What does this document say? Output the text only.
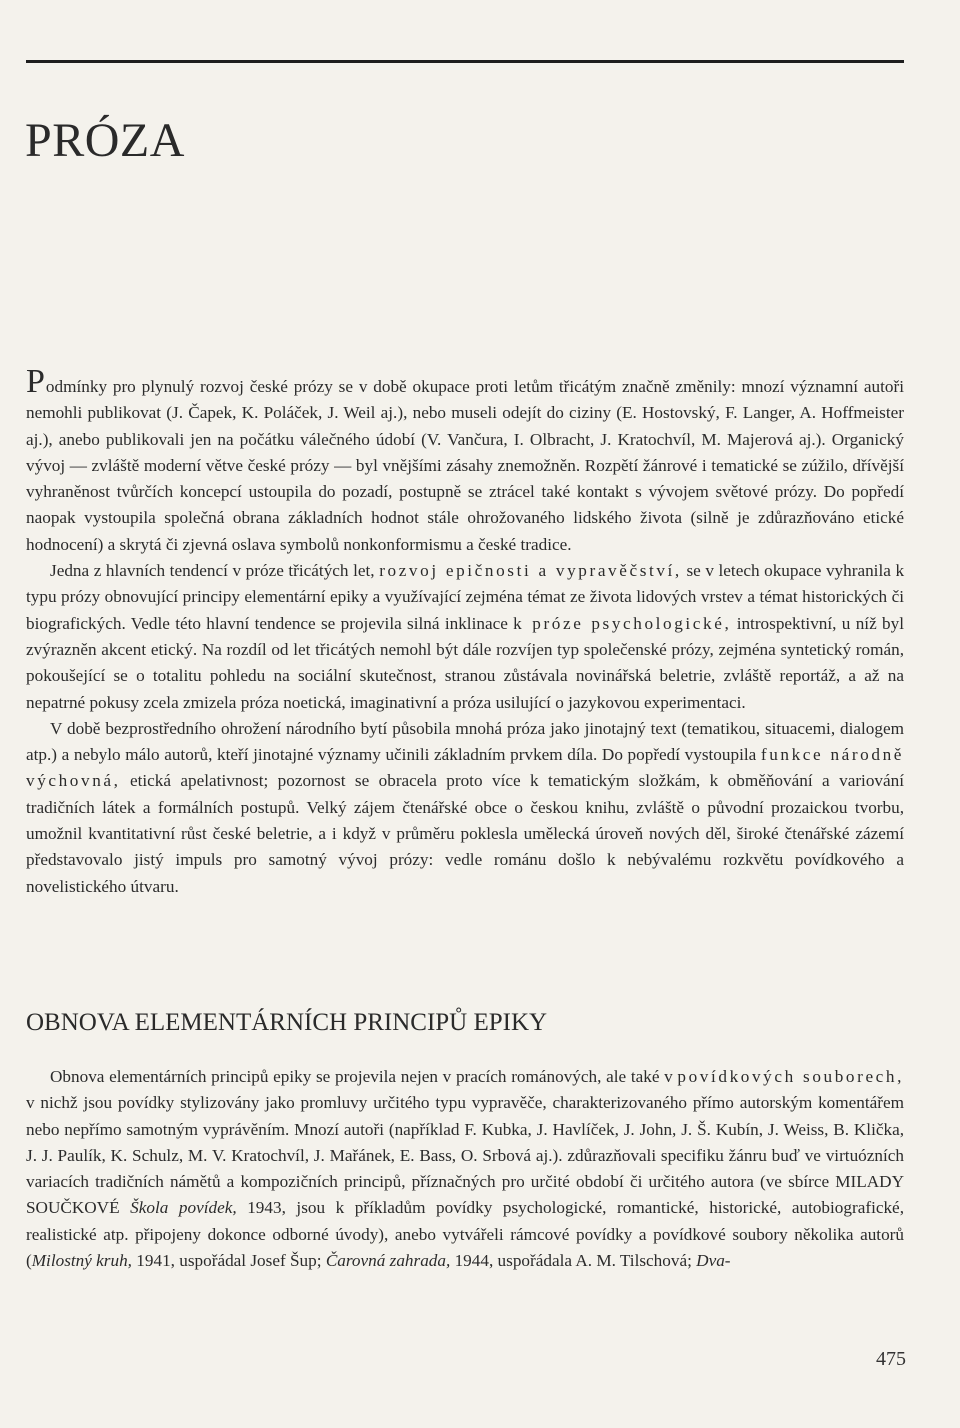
PRÓZA

Podmínky pro plynulý rozvoj české prózy se v době okupace proti letům třicátým značně změnily: mnozí významní autoři nemohli publikovat (J. Čapek, K. Poláček, J. Weil aj.), nebo museli odejít do ciziny (E. Hostovský, F. Langer, A. Hoffmeister aj.), anebo publikovali jen na počátku válečného údobí (V. Vančura, I. Olbracht, J. Kratochvíl, M. Majerová aj.). Organický vývoj — zvláště moderní větve české prózy — byl vnějšími zásahy znemožněn. Rozpětí žánrové i tematické se zúžilo, dřívější vyhraněnost tvůrčích koncepcí ustoupila do pozadí, postupně se ztrácel také kontakt s vývojem světové prózy. Do popředí naopak vystoupila společná obrana základních hodnot stále ohrožovaného lidského života (silně je zdůrazňováno etické hodnocení) a skrytá či zjevná oslava symbolů nonkonformismu a české tradice.

Jedna z hlavních tendencí v próze třicátých let, rozvoj epičnosti a vypravěčství, se v letech okupace vyhranila k typu prózy obnovující principy elementární epiky a využívající zejména témat ze života lidových vrstev a témat historických či biografických. Vedle této hlavní tendence se projevila silná inklinace k próze psychologické, introspektivní, u níž byl zvýrazněn akcent etický. Na rozdíl od let třicátých nemohl být dále rozvíjen typ společenské prózy, zejména syntetický román, pokoušející se o totalitu pohledu na sociální skutečnost, stranou zůstávala novinářská beletrie, zvláště reportáž, a až na nepatrné pokusy zcela zmizela próza noetická, imaginativní a próza usilující o jazykovou experimentaci.

V době bezprostředního ohrožení národního bytí působila mnohá próza jako jinotajný text (tematikou, situacemi, dialogem atp.) a nebylo málo autorů, kteří jinotajné významy učinili základním prvkem díla. Do popředí vystoupila funkce národně výchovná, etická apelativnost; pozornost se obracela proto více k tematickým složkám, k obměňování a variování tradičních látek a formálních postupů. Velký zájem čtenářské obce o českou knihu, zvláště o původní prozaickou tvorbu, umožnil kvantitativní růst české beletrie, a i když v průměru poklesla umělecká úroveň nových děl, široké čtenářské zázemí představovalo jistý impuls pro samotný vývoj prózy: vedle románu došlo k nebývalému rozkvětu povídkového a novelistického útvaru.

OBNOVA ELEMENTÁRNÍCH PRINCIPŮ EPIKY

Obnova elementárních principů epiky se projevila nejen v pracích románových, ale také v povídkových souborech, v nichž jsou povídky stylizovány jako promluvy určitého typu vypravěče, charakterizovaného přímo autorským komentářem nebo nepřímo samotným vyprávěním. Mnozí autoři (například F. Kubka, J. Havlíček, J. John, J. Š. Kubín, J. Weiss, B. Klička, J. J. Paulík, K. Schulz, M. V. Kratochvíl, J. Mařánek, E. Bass, O. Srbová aj.). zdůrazňovali specifiku žánru buď ve virtuózních variacích tradičních námětů a kompozičních principů, příznačných pro určité období či určitého autora (ve sbírce MILADY SOUČKOVÉ Škola povídek, 1943, jsou k příkladům povídky psychologické, romantické, historické, autobiografické, realistické atp. připojeny dokonce odborné úvody), anebo vytvářeli rámcové povídky a povídkové soubory několika autorů (Milostný kruh, 1941, uspořádal Josef Šup; Čarovná zahrada, 1944, uspořádala A. M. Tilschová; Dva-

475
